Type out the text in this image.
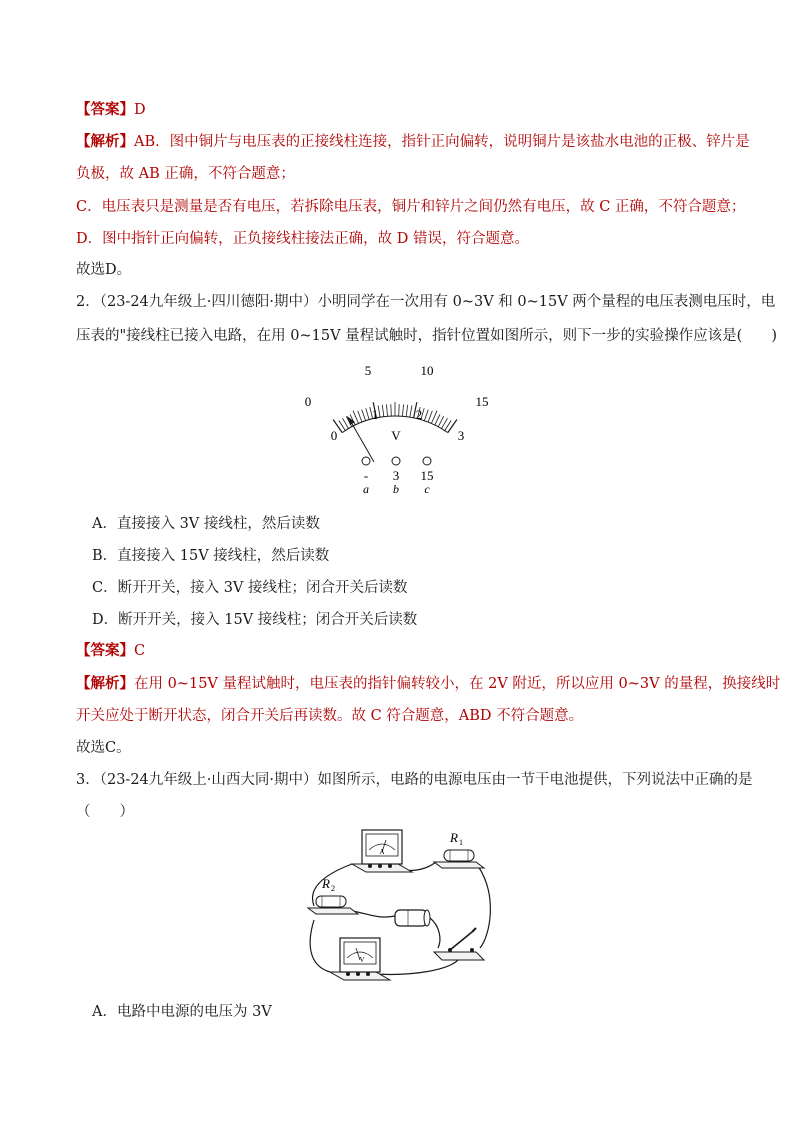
【答案】D
【解析】AB．图中铜片与电压表的正接线柱连接，指针正向偏转，说明铜片是该盐水电池的正极、锌片是
负极，故 AB 正确，不符合题意；
C．电压表只是测量是否有电压，若拆除电压表，铜片和锌片之间仍然有电压，故 C 正确，不符合题意；
D．图中指针正向偏转，正负接线柱接法正确，故 D 错误，符合题意。
故选D。
2．（23-24九年级上·四川德阳·期中）小明同学在一次用有 0~3V 和 0~15V 两个量程的电压表测电压时，电
压表的"接线柱已接入电路，在用 0~15V 量程试触时，指针位置如图所示，则下一步的实验操作应该是(　　)
0
5	10
15
0
1	2
3
V
- 3 15
a b c
A．直接接入 3V 接线柱，然后读数
B．直接接入 15V 接线柱，然后读数
C．断开开关，接入 3V 接线柱；闭合开关后读数
D．断开开关，接入 15V 接线柱；闭合开关后读数
【答案】C
【解析】在用 0~15V 量程试触时，电压表的指针偏转较小，在 2V 附近，所以应用 0~3V 的量程，换接线时
开关应处于断开状态，闭合开关后再读数。故 C 符合题意，ABD 不符合题意。
故选C。
3．（23-24九年级上·山西大同·期中）如图所示，电路的电源电压由一节干电池提供，下列说法中正确的是
（　　）
A
R 1
R 2
V
A．电路中电源的电压为 3V
